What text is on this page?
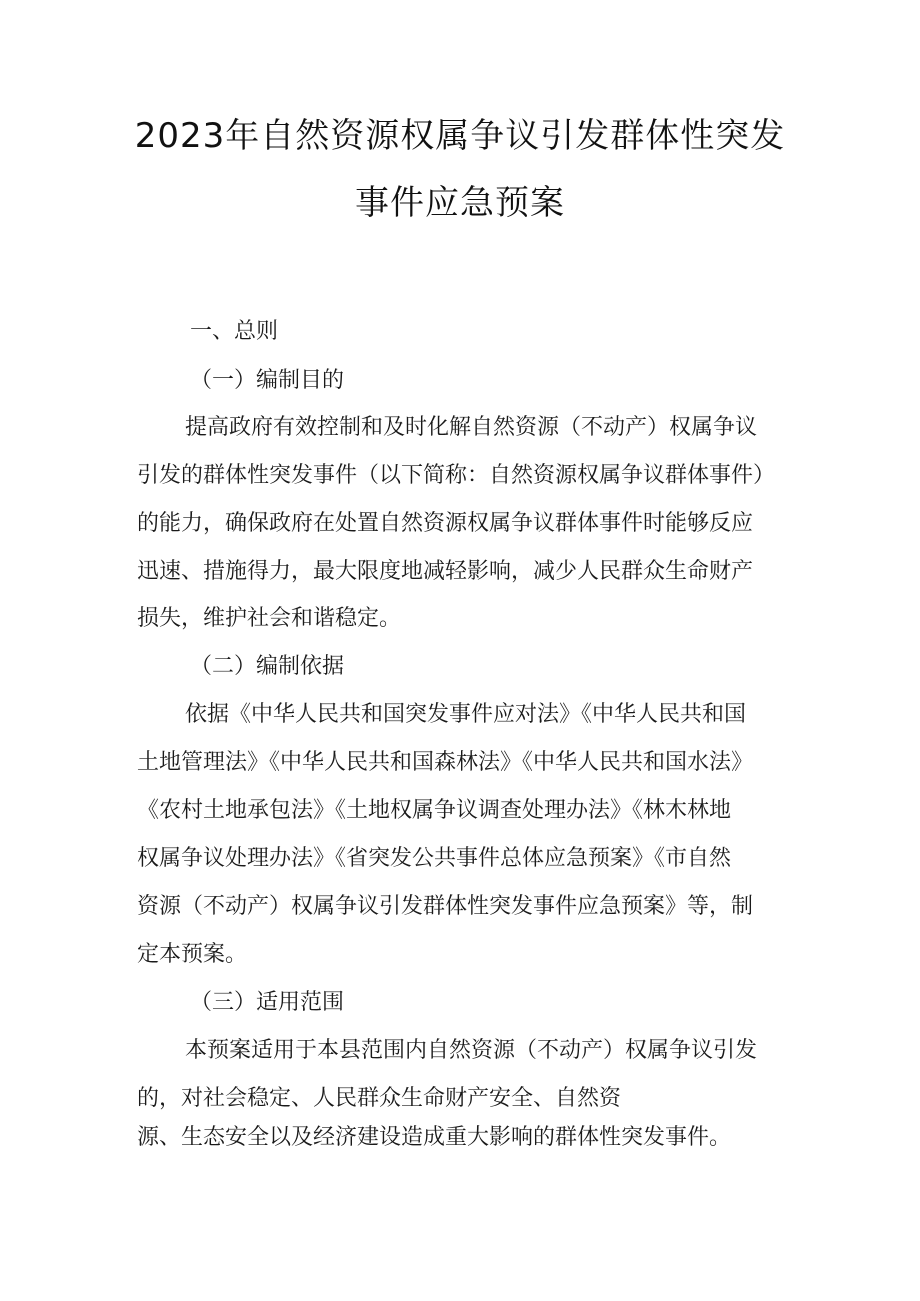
2023年自然资源权属争议引发群体性突发
事件应急预案
一、总则
（一）编制目的
提高政府有效控制和及时化解自然资源（不动产）权属争议
引发的群体性突发事件（以下简称：自然资源权属争议群体事件）
的能力，确保政府在处置自然资源权属争议群体事件时能够反应
迅速、措施得力，最大限度地减轻影响，减少人民群众生命财产
损失，维护社会和谐稳定。
（二）编制依据
依据《中华人民共和国突发事件应对法》《中华人民共和国
土地管理法》《中华人民共和国森林法》《中华人民共和国水法》
《农村土地承包法》《土地权属争议调查处理办法》《林木林地
权属争议处理办法》《省突发公共事件总体应急预案》《市自然
资源（不动产）权属争议引发群体性突发事件应急预案》等，制
定本预案。
（三）适用范围
本预案适用于本县范围内自然资源（不动产）权属争议引发
的，对社会稳定、人民群众生命财产安全、自然资
源、生态安全以及经济建设造成重大影响的群体性突发事件。
